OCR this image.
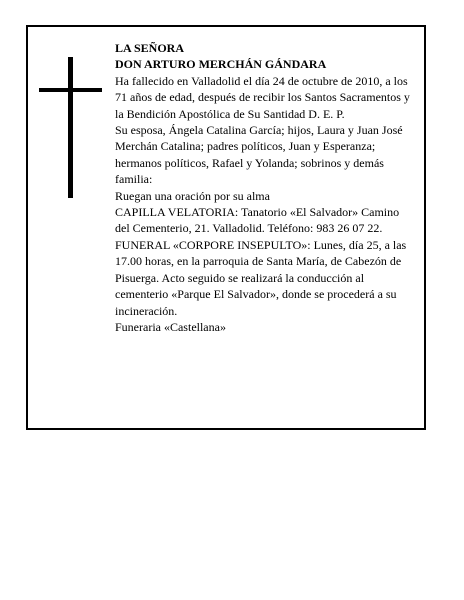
LA SEÑORA
DON ARTURO MERCHÁN GÁNDARA
Ha fallecido en Valladolid el día 24 de octubre de 2010, a los 71 años de edad, después de recibir los Santos Sacramentos y la Bendición Apostólica de Su Santidad D. E. P.
Su esposa, Ángela Catalina García; hijos, Laura y Juan José Merchán Catalina; padres políticos, Juan y Esperanza; hermanos políticos, Rafael y Yolanda; sobrinos y demás familia:
Ruegan una oración por su alma
CAPILLA VELATORIA: Tanatorio «El Salvador» Camino del Cementerio, 21. Valladolid. Teléfono: 983 26 07 22.
FUNERAL «CORPORE INSEPULTO»: Lunes, día 25, a las 17.00 horas, en la parroquia de Santa María, de Cabezón de Pisuerga. Acto seguido se realizará la conducción al cementerio «Parque El Salvador», donde se procederá a su incineración.
Funeraria «Castellana»
